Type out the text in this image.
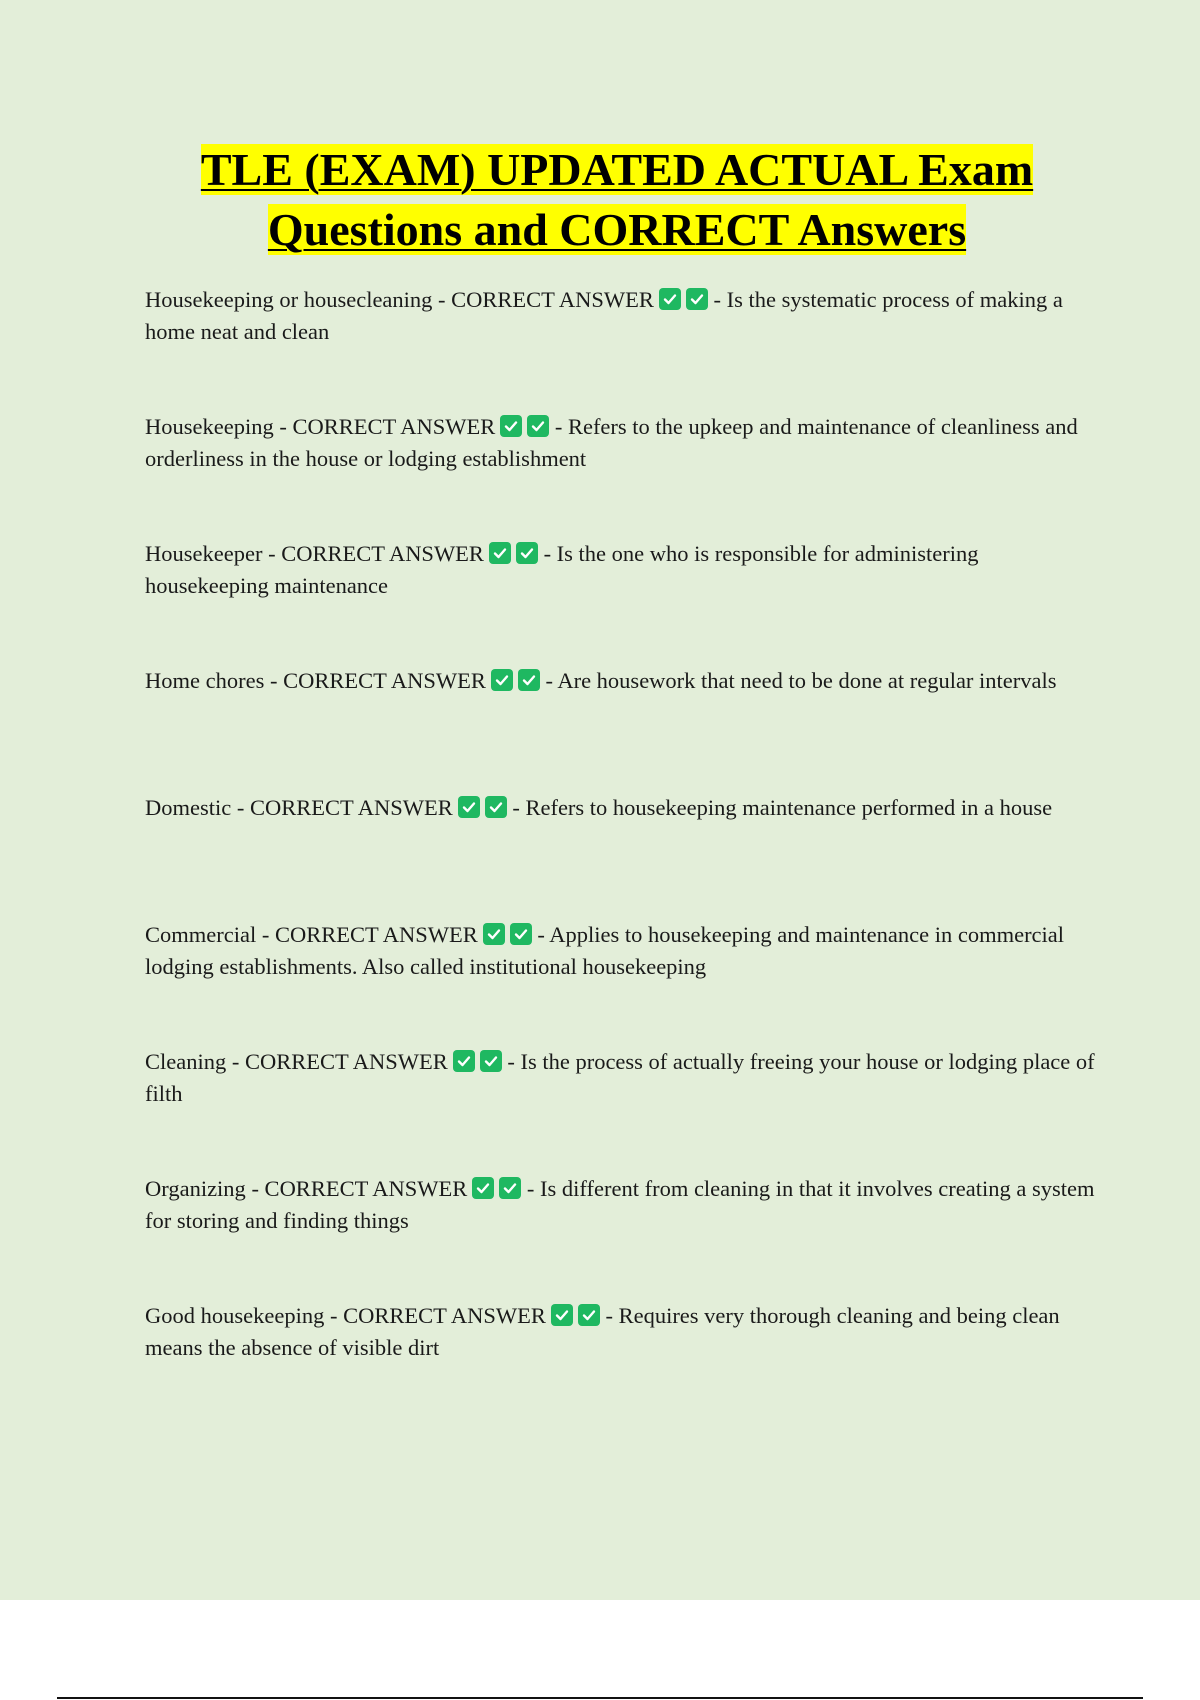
TLE (EXAM) UPDATED ACTUAL Exam
Questions and CORRECT Answers
Housekeeping or housecleaning - CORRECT ANSWER
- Is the systematic process of making a home neat and clean
Housekeeping - CORRECT ANSWER
- Refers to the upkeep and maintenance of cleanliness and orderliness in the house or lodging establishment
Housekeeper - CORRECT ANSWER
- Is the one who is responsible for administering housekeeping maintenance
Home chores - CORRECT ANSWER
- Are housework that need to be done at regular intervals
Domestic - CORRECT ANSWER
- Refers to housekeeping maintenance performed in a house
Commercial - CORRECT ANSWER
- Applies to housekeeping and maintenance in commercial lodging establishments. Also called institutional housekeeping
Cleaning - CORRECT ANSWER
- Is the process of actually freeing your house or lodging place of filth
Organizing - CORRECT ANSWER
- Is different from cleaning in that it involves creating a system for storing and finding things
Good housekeeping - CORRECT ANSWER
- Requires very thorough cleaning and being clean means the absence of visible dirt
